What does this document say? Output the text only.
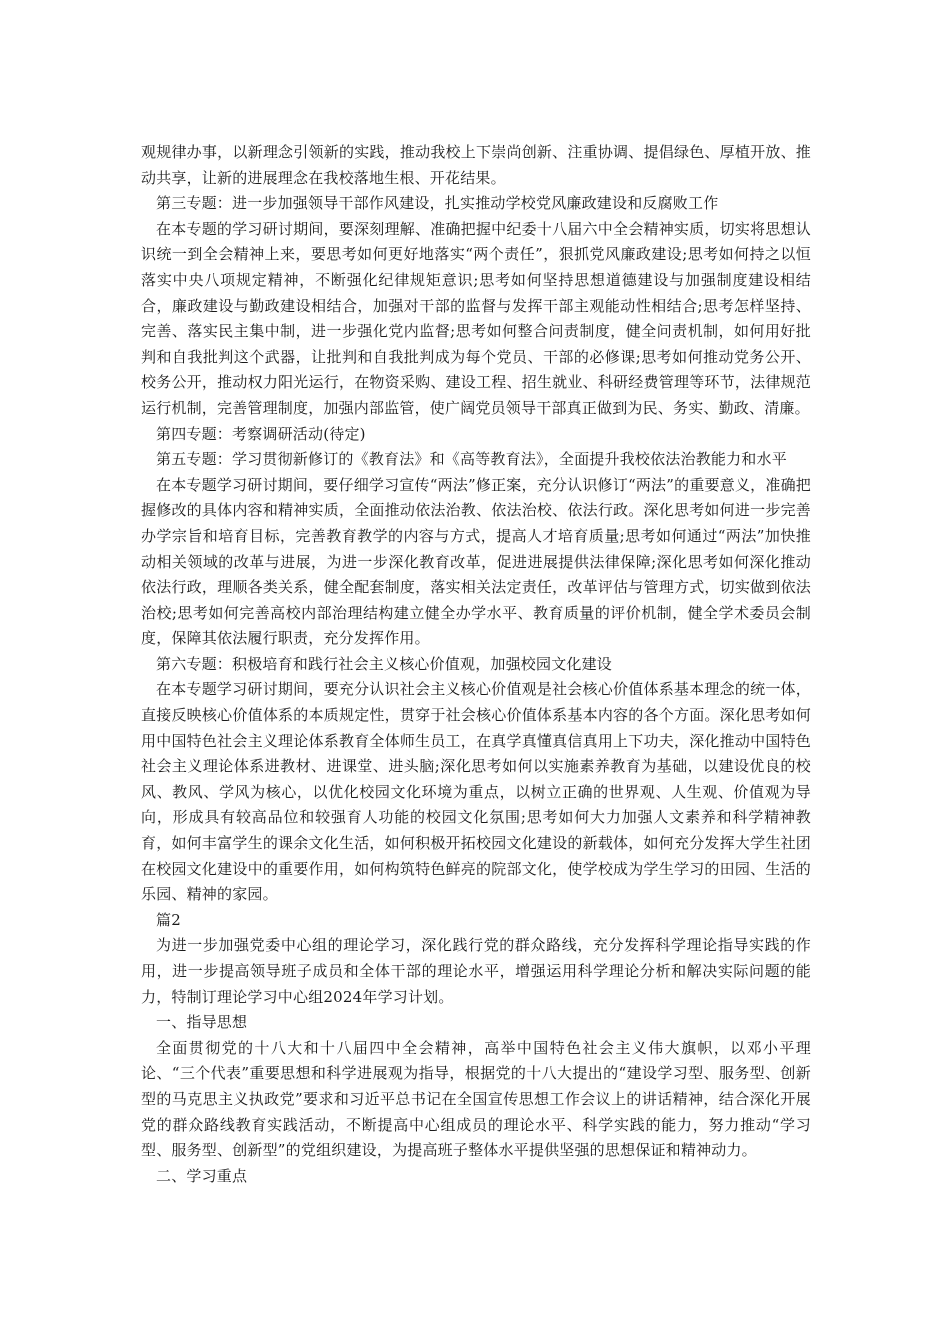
观规律办事，以新理念引领新的实践，推动我校上下崇尚创新、注重协调、提倡绿色、厚植开放、推动共享，让新的进展理念在我校落地生根、开花结果。

第三专题：进一步加强领导干部作风建设，扎实推动学校党风廉政建设和反腐败工作

在本专题的学习研讨期间，要深刻理解、准确把握中纪委十八届六中全会精神实质，切实将思想认识统一到全会精神上来，要思考如何更好地落实“两个责任”，狠抓党风廉政建设;思考如何持之以恒落实中央八项规定精神，不断强化纪律规矩意识;思考如何坚持思想道德建设与加强制度建设相结合，廉政建设与勤政建设相结合，加强对干部的监督与发挥干部主观能动性相结合;思考怎样坚持、完善、落实民主集中制，进一步强化党内监督;思考如何整合问责制度，健全问责机制，如何用好批判和自我批判这个武器，让批判和自我批判成为每个党员、干部的必修课;思考如何推动党务公开、校务公开，推动权力阳光运行，在物资采购、建设工程、招生就业、科研经费管理等环节，法律规范运行机制，完善管理制度，加强内部监管，使广阔党员领导干部真正做到为民、务实、勤政、清廉。

第四专题：考察调研活动(待定)

第五专题：学习贯彻新修订的《教育法》和《高等教育法》，全面提升我校依法治教能力和水平

在本专题学习研讨期间，要仔细学习宣传“两法”修正案，充分认识修订“两法”的重要意义，准确把握修改的具体内容和精神实质，全面推动依法治教、依法治校、依法行政。深化思考如何进一步完善办学宗旨和培育目标，完善教育教学的内容与方式，提高人才培育质量;思考如何通过“两法”加快推动相关领域的改革与进展，为进一步深化教育改革，促进进展提供法律保障;深化思考如何深化推动依法行政，理顺各类关系，健全配套制度，落实相关法定责任，改革评估与管理方式，切实做到依法治校;思考如何完善高校内部治理结构建立健全办学水平、教育质量的评价机制，健全学术委员会制度，保障其依法履行职责，充分发挥作用。

第六专题：积极培育和践行社会主义核心价值观，加强校园文化建设

在本专题学习研讨期间，要充分认识社会主义核心价值观是社会核心价值体系基本理念的统一体，直接反映核心价值体系的本质规定性，贯穿于社会核心价值体系基本内容的各个方面。深化思考如何用中国特色社会主义理论体系教育全体师生员工，在真学真懂真信真用上下功夫，深化推动中国特色社会主义理论体系进教材、进课堂、进头脑;深化思考如何以实施素养教育为基础，以建设优良的校风、教风、学风为核心，以优化校园文化环境为重点，以树立正确的世界观、人生观、价值观为导向，形成具有较高品位和较强育人功能的校园文化氛围;思考如何大力加强人文素养和科学精神教育，如何丰富学生的课余文化生活，如何积极开拓校园文化建设的新载体，如何充分发挥大学生社团在校园文化建设中的重要作用，如何构筑特色鲜亮的院部文化，使学校成为学生学习的田园、生活的乐园、精神的家园。

篇2

为进一步加强党委中心组的理论学习，深化践行党的群众路线，充分发挥科学理论指导实践的作用，进一步提高领导班子成员和全体干部的理论水平，增强运用科学理论分析和解决实际问题的能力，特制订理论学习中心组2024年学习计划。

一、指导思想

全面贯彻党的十八大和十八届四中全会精神，高举中国特色社会主义伟大旗帜，以邓小平理论、“三个代表”重要思想和科学进展观为指导，根据党的十八大提出的“建设学习型、服务型、创新型的马克思主义执政党”要求和习近平总书记在全国宣传思想工作会议上的讲话精神，结合深化开展党的群众路线教育实践活动，不断提高中心组成员的理论水平、科学实践的能力，努力推动“学习型、服务型、创新型”的党组织建设，为提高班子整体水平提供坚强的思想保证和精神动力。

二、学习重点
